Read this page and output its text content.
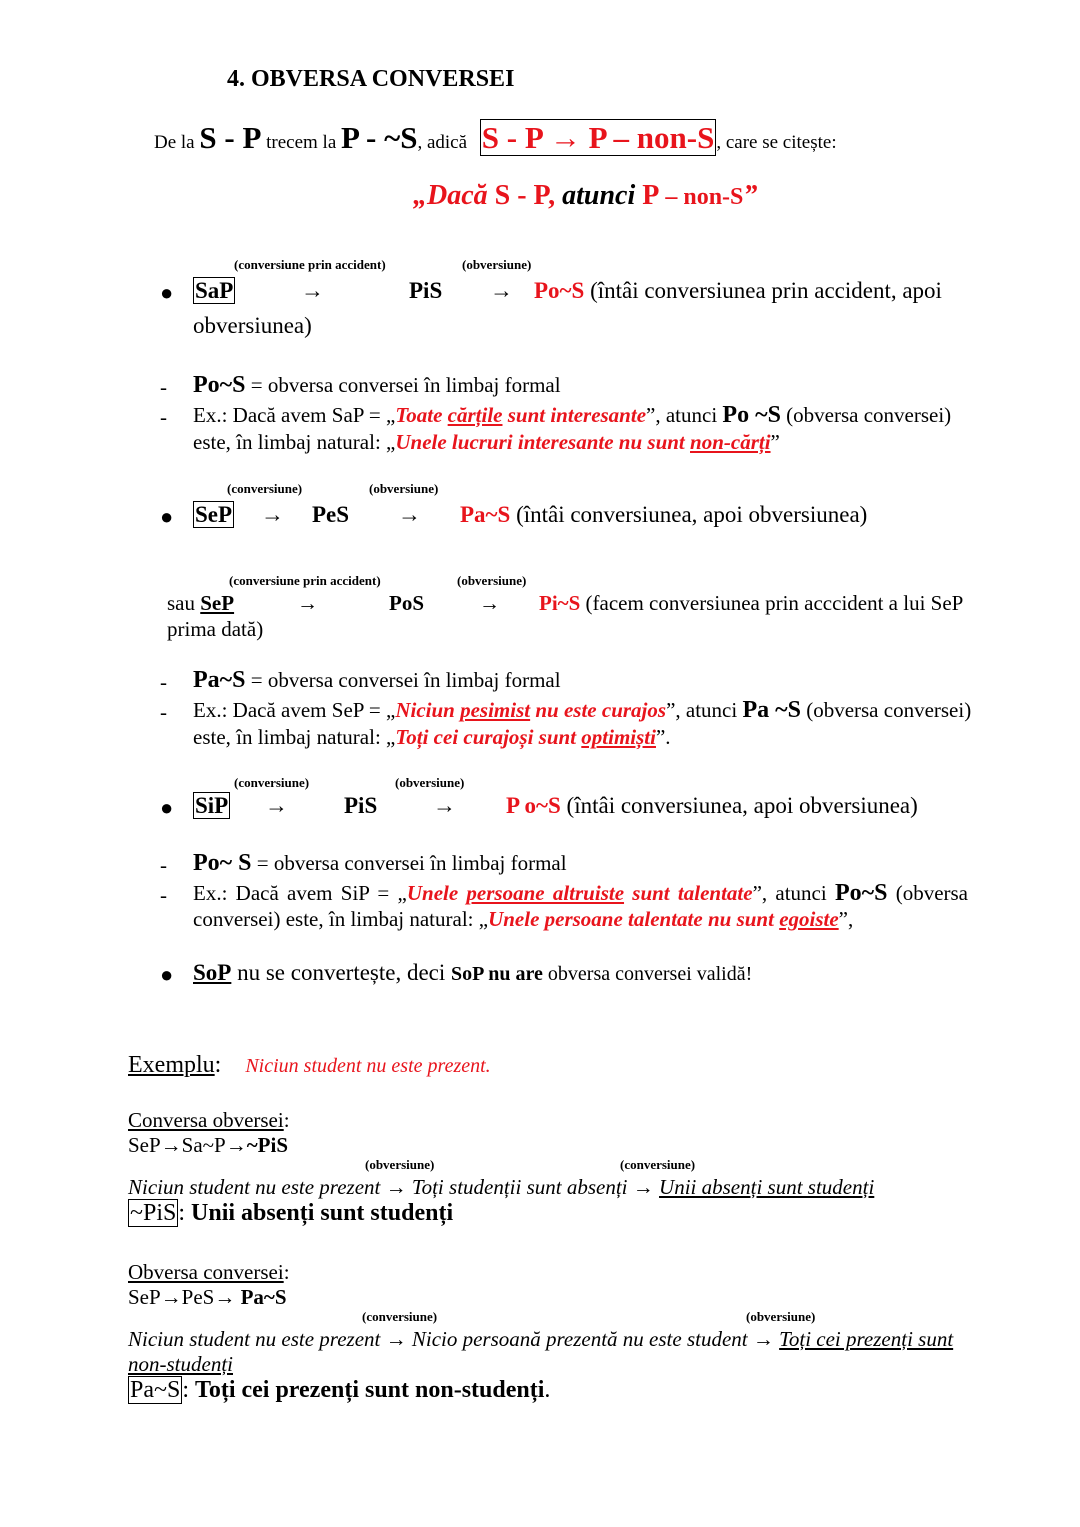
4. OBVERSA CONVERSEI
De la S - P trecem la P - ~S, adică S - P → P – non-S , care se citește:
„Dacă S - P, atunci P – non-S”
(conversiune prin accident)	(obversiune)
● SaP	→	PiS → Po~S (întâi conversiunea prin accident, apoi
obversiunea)
- Po~S = obversa conversei în limbaj formal
- Ex.: Dacă avem SaP = „Toate cărțile sunt interesante”, atunci Po ~S (obversa conversei)
este, în limbaj natural: „Unele lucruri interesante nu sunt non-cărți”
(conversiune)	(obversiune)
● SeP → PeS → Pa~S (întâi conversiunea, apoi obversiunea)
(conversiune prin accident)	(obversiune)
sau SeP	→	PoS	→ Pi~S (facem conversiunea prin acccident a lui SeP
prima dată)
- Pa~S = obversa conversei în limbaj formal
- Ex.: Dacă avem SeP = „Niciun pesimist nu este curajos”, atunci Pa ~S (obversa conversei)
este, în limbaj natural: „Toți cei curajoși sunt optimiști”.
(conversiune)	(obversiune)
● SiP → PiS → P o~S (întâi conversiunea, apoi obversiunea)
- Po~ S = obversa conversei în limbaj formal
- Ex.: Dacă avem SiP = „Unele persoane altruiste sunt talentate”, atunci Po~S (obversa
conversei) este, în limbaj natural: „Unele persoane talentate nu sunt egoiste”,
● SoP nu se convertește, deci SoP nu are obversa conversei validă!
Exemplu: Niciun student nu este prezent.
Conversa obversei:
SeP→Sa~P→~PiS
(obversiune)	(conversiune)
Niciun student nu este prezent → Toți studenții sunt absenți → Unii absenți sunt studenți
~PiS: Unii absenți sunt studenți
Obversa conversei:
SeP→PeS→ Pa~S
(conversiune)	(obversiune)
Niciun student nu este prezent → Nicio persoană prezentă nu este student → Toți cei prezenți sunt
non-studenți
Pa~S: Toți cei prezenți sunt non-studenți.
